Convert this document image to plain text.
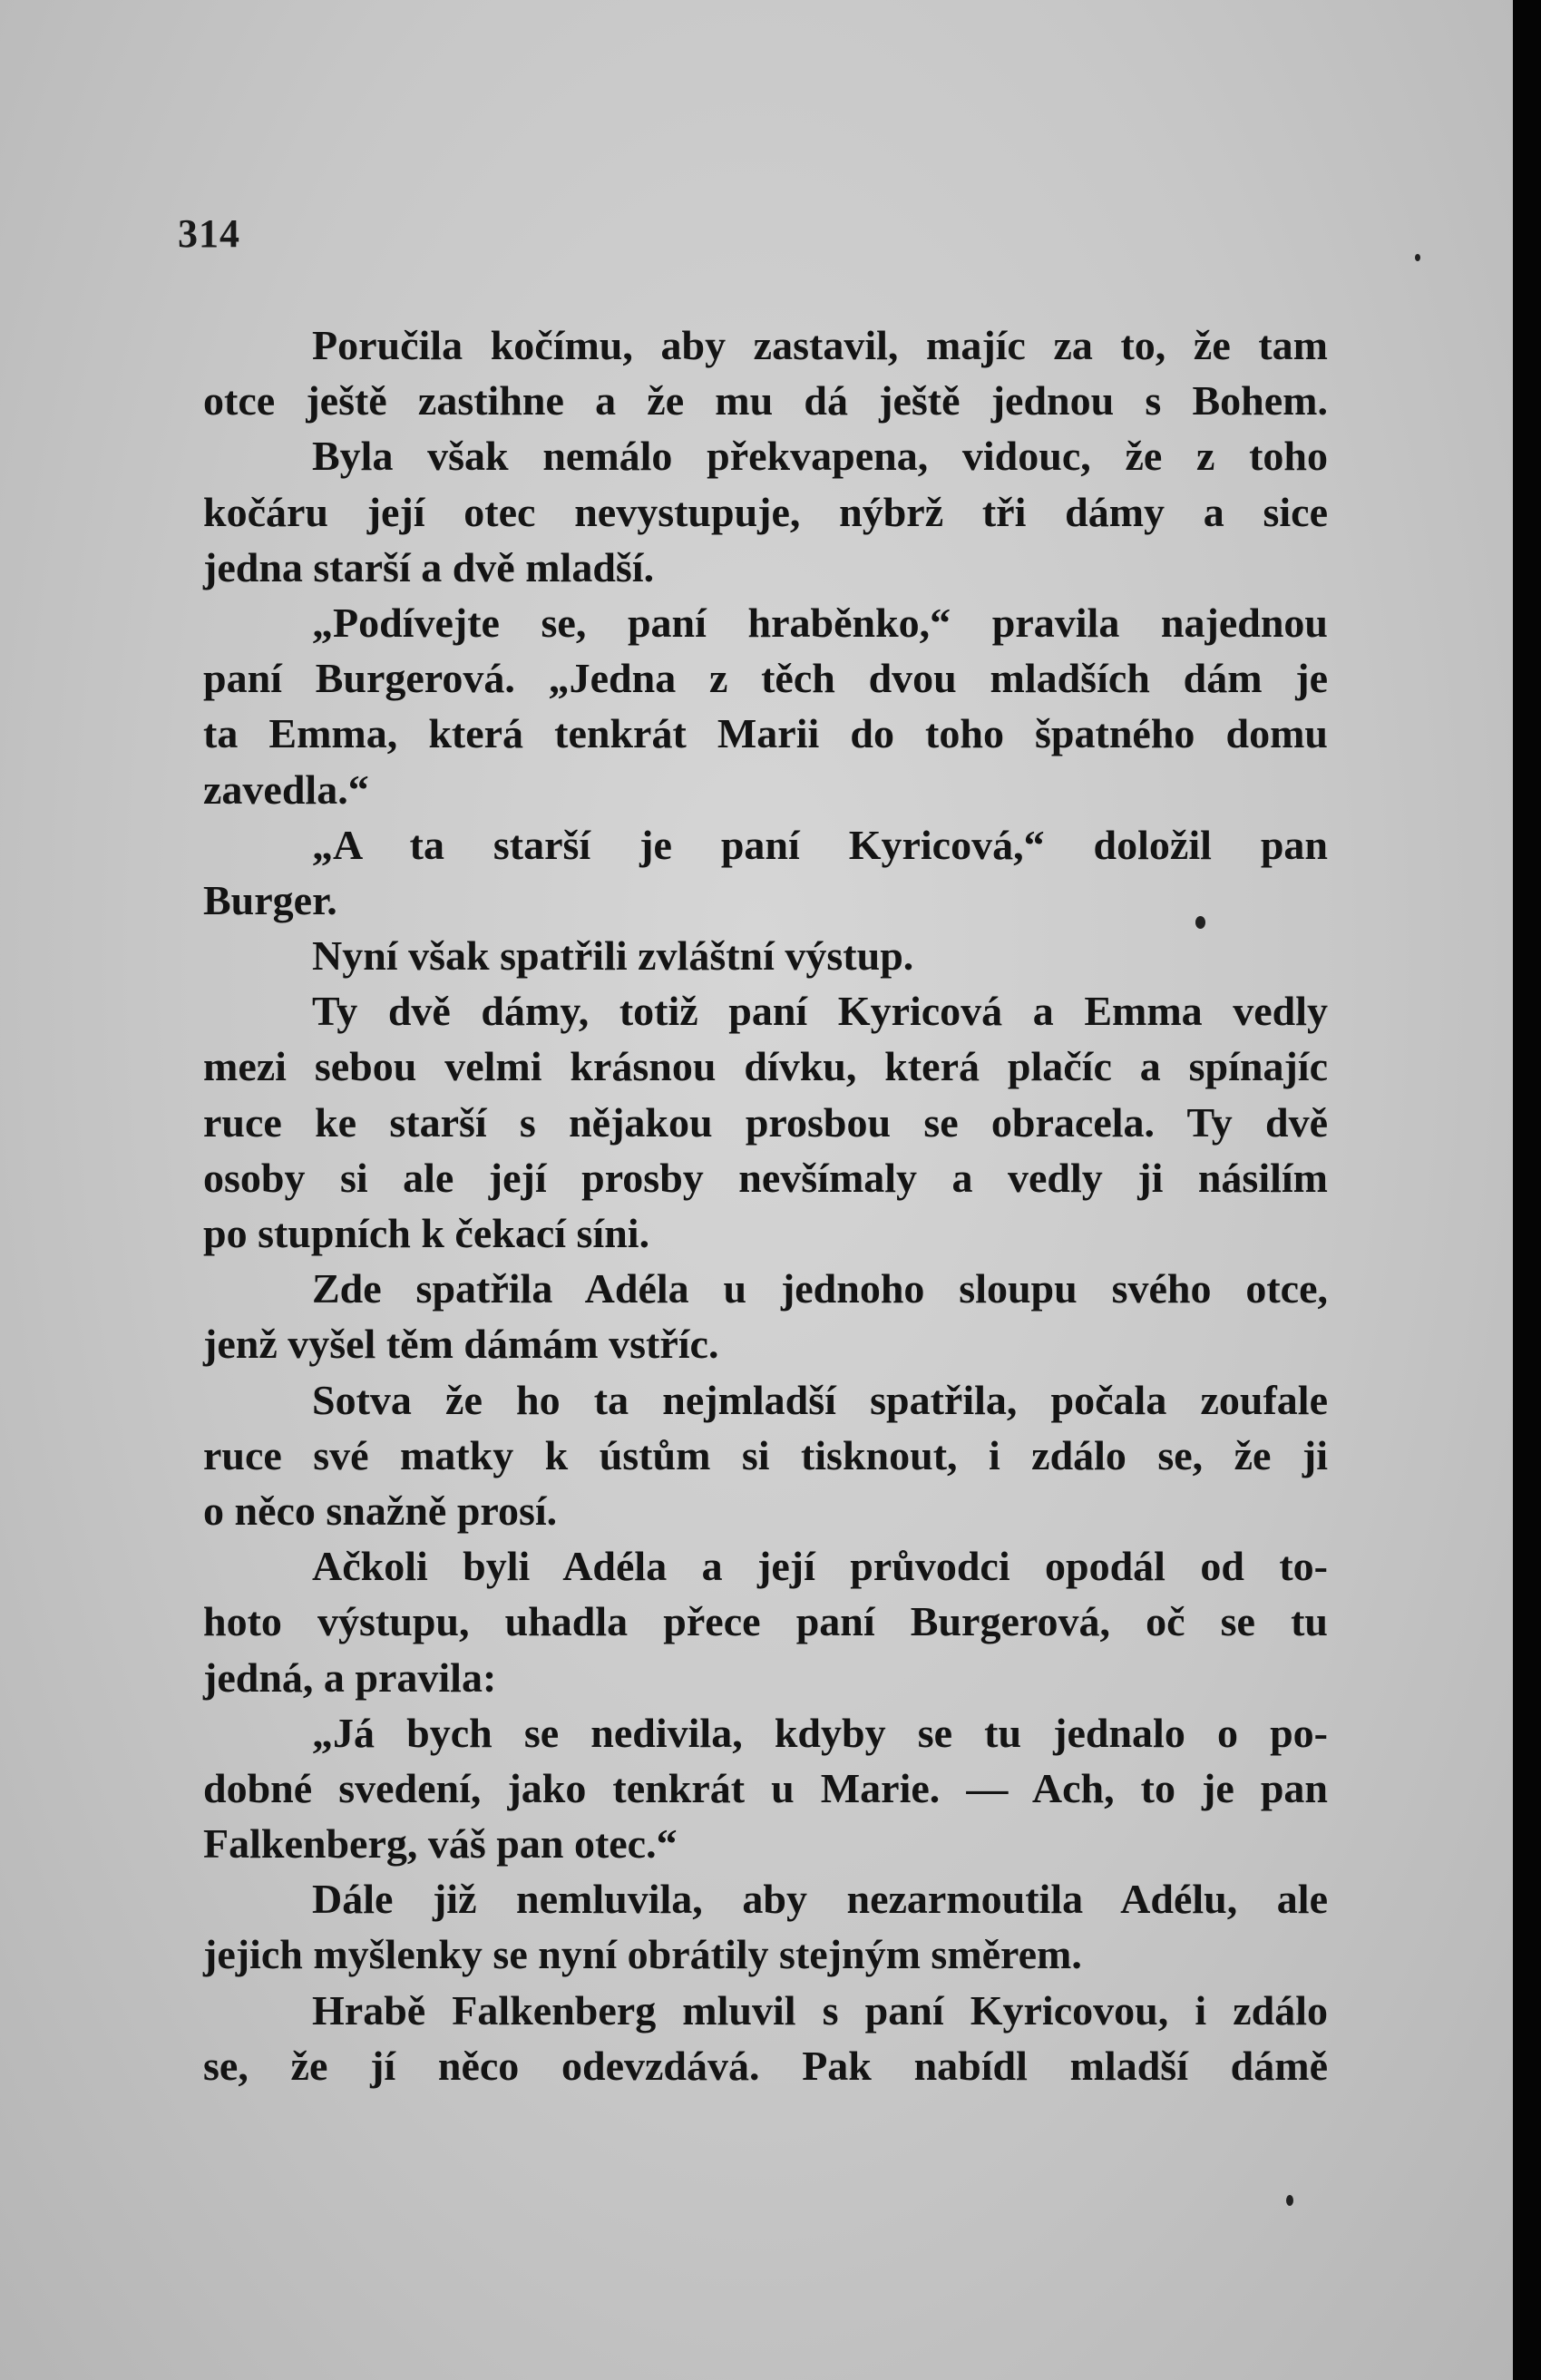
314
Poručila kočímu, aby zastavil, majíc za to, že tam
otce ještě zastihne a že mu dá ještě jednou s Bohem.
Byla však nemálo překvapena, vidouc, že z toho
kočáru její otec nevystupuje, nýbrž tři dámy a sice
jedna starší a dvě mladší.
„Podívejte se, paní hraběnko,“ pravila najednou
paní Burgerová. „Jedna z těch dvou mladších dám je
ta Emma, která tenkrát Marii do toho špatného domu
zavedla.“
„A ta starší je paní Kyricová,“ doložil pan
Burger.
Nyní však spatřili zvláštní výstup.
Ty dvě dámy, totiž paní Kyricová a Emma vedly
mezi sebou velmi krásnou dívku, která plačíc a spínajíc
ruce ke starší s nějakou prosbou se obracela. Ty dvě
osoby si ale její prosby nevšímaly a vedly ji násilím
po stupních k čekací síni.
Zde spatřila Adéla u jednoho sloupu svého otce,
jenž vyšel těm dámám vstříc.
Sotva že ho ta nejmladší spatřila, počala zoufale
ruce své matky k ústům si tisknout, i zdálo se, že ji
o něco snažně prosí.
Ačkoli byli Adéla a její průvodci opodál od to-
hoto výstupu, uhadla přece paní Burgerová, oč se tu
jedná, a pravila:
„Já bych se nedivila, kdyby se tu jednalo o po-
dobné svedení, jako tenkrát u Marie. — Ach, to je pan
Falkenberg, váš pan otec.“
Dále již nemluvila, aby nezarmoutila Adélu, ale
jejich myšlenky se nyní obrátily stejným směrem.
Hrabě Falkenberg mluvil s paní Kyricovou, i zdálo
se, že jí něco odevzdává. Pak nabídl mladší dámě
